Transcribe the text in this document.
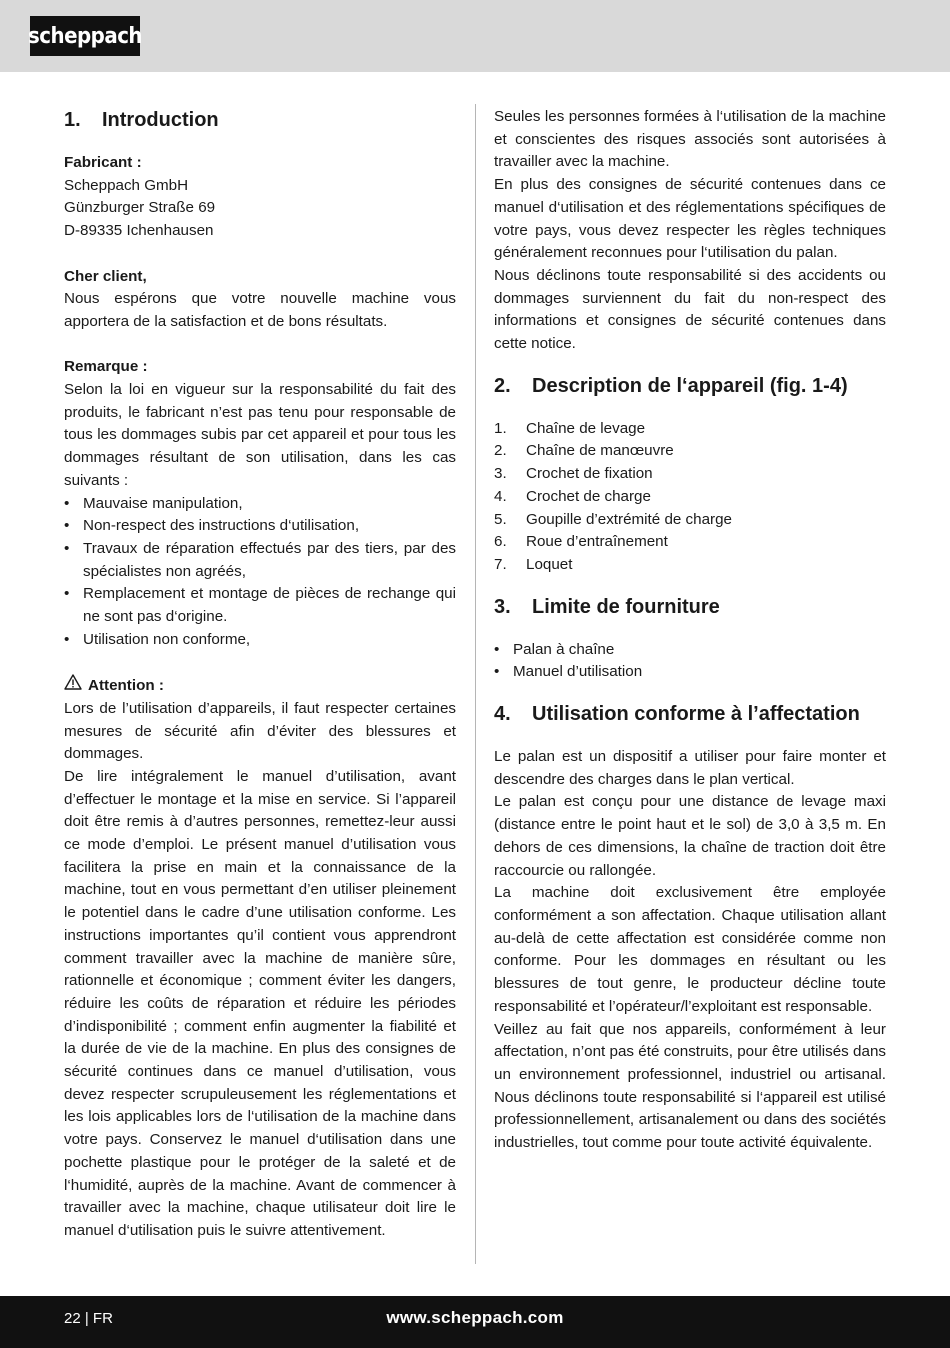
scheppach
1.	Introduction

Fabricant :

Scheppach GmbH

Günzburger Straße 69

D-89335 Ichenhausen

Cher client,

Nous espérons que votre nouvelle machine vous apportera de la satisfaction et de bons résultats.

Remarque :

Selon la loi en vigueur sur la responsabilité du fait des produits, le fabricant n’est pas tenu pour responsable de tous les dommages subis par cet appareil et pour tous les dommages résultant de son utilisation, dans les cas suivants :

• Mauvaise manipulation,
• Non-respect des instructions d‘utilisation,
• Travaux de réparation effectués par des tiers, par des spécialistes non agréés,
• Remplacement et montage de pièces de rechange qui ne sont pas d‘origine.
• Utilisation non conforme,
Attention :

Lors de l’utilisation d’appareils, il faut respecter certaines mesures de sécurité afin d’éviter des blessures et dommages.

De lire intégralement le manuel d’utilisation, avant d’effectuer le montage et la mise en service. Si l’appareil doit être remis à d’autres personnes, remettez-leur aussi ce mode d’emploi. Le présent manuel d’utilisation vous facilitera la prise en main et la connaissance de la machine, tout en vous permettant d’en utiliser pleinement le potentiel dans le cadre d’une utilisation conforme. Les instructions importantes qu’il contient vous apprendront comment travailler avec la machine de manière sûre, rationnelle et économique ; comment éviter les dangers, réduire les coûts de réparation et réduire les périodes d’indisponibilité ; comment enfin augmenter la fiabilité et la durée de vie de la machine. En plus des consignes de sécurité continues dans ce manuel d’utilisation, vous devez respecter scrupuleusement les réglementations et les lois applicables lors de l‘utilisation de la machine dans votre pays. Conservez le manuel d‘utilisation dans une pochette plastique pour le protéger de la saleté et de l‘humidité, auprès de la machine. Avant de commencer à travailler avec la machine, chaque utilisateur doit lire le manuel d‘utilisation puis le suivre attentivement.

Seules les personnes formées à l‘utilisation de la machine et conscientes des risques associés sont autorisées à travailler avec la machine.

En plus des consignes de sécurité contenues dans ce manuel d‘utilisation et des réglementations spécifiques de votre pays, vous devez respecter les règles techniques généralement reconnues pour l‘utilisation du palan.

Nous déclinons toute responsabilité si des accidents ou dommages surviennent du fait du non-respect des informations et consignes de sécurité contenues dans cette notice.

2.	Description de l‘appareil (fig. 1-4)
1.	Chaîne de levage
2.	Chaîne de manœuvre
3.	Crochet de fixation
4.	Crochet de charge
5.	Goupille d’extrémité de charge
6.	Roue d’entraînement
7.	Loquet
3.	Limite de fourniture
• Palan à chaîne
• Manuel d’utilisation
4.	Utilisation conforme à l’affectation

Le palan est un dispositif a utiliser pour faire monter et descendre des charges dans le plan vertical.

Le palan est conçu pour une distance de levage maxi (distance entre le point haut et le sol) de 3,0 à 3,5 m. En dehors de ces dimensions, la chaîne de traction doit être raccourcie ou rallongée.

La machine doit exclusivement être employée conformément a son affectation. Chaque utilisation allant au-delà de cette affectation est considérée comme non conforme. Pour les dommages en résultant ou les blessures de tout genre, le producteur décline toute responsabilité et l’opérateur/l’exploitant est responsable.

Veillez au fait que nos appareils, conformément à leur affectation, n’ont pas été construits, pour être utilisés dans un environnement professionnel, industriel ou artisanal. Nous déclinons toute responsabilité si l‘appareil est utilisé professionnellement, artisanalement ou dans des sociétés industrielles, tout comme pour toute activité équivalente.

22 | FR	www.scheppach.com
